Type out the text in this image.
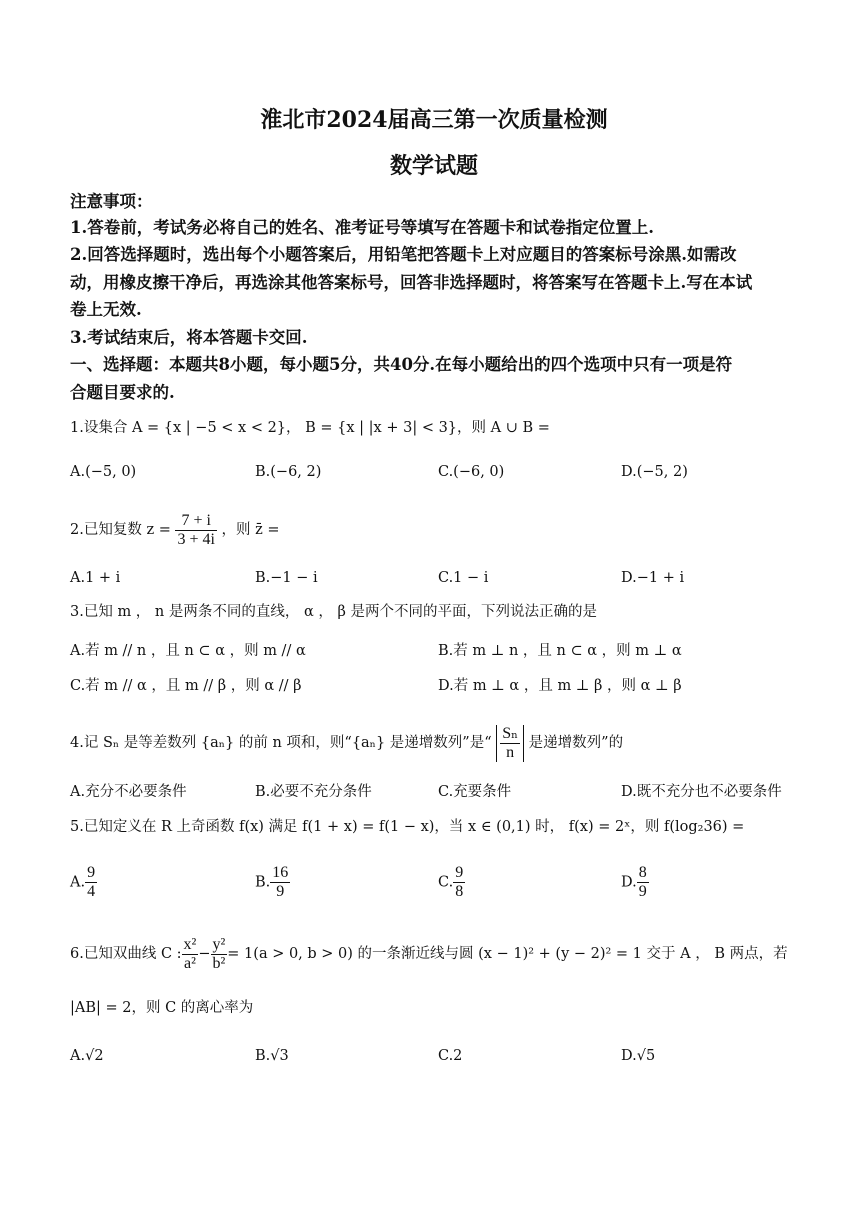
淮北市2024届高三第一次质量检测
数学试题
注意事项：
1.答卷前，考试务必将自己的姓名、准考证号等填写在答题卡和试卷指定位置上.
2.回答选择题时，选出每个小题答案后，用铅笔把答题卡上对应题目的答案标号涂黑.如需改
动，用橡皮擦干净后，再选涂其他答案标号，回答非选择题时，将答案写在答题卡上.写在本试
卷上无效.
3.考试结束后，将本答题卡交回.
一、选择题：本题共8小题，每小题5分，共40分.在每小题给出的四个选项中只有一项是符
合题目要求的.
1.设集合 A = {x | −5 < x < 2}， B = {x | |x + 3| < 3}，则 A ∪ B =
A.(−5, 0)	B.(−6, 2)	C.(−6, 0)	D.(−5, 2)
2.已知复数 $z = \frac{7 + i}{3 + 4i}$ ，则 z̄ =
A.1 + i	B.−1 − i	C.1 − i	D.−1 + i
3.已知 m ， n 是两条不同的直线， α ， β 是两个不同的平面，下列说法正确的是
A.若 m // n ，且 n ⊂ α ，则 m // α	B.若 m ⊥ n ，且 n ⊂ α ，则 m ⊥ α
C.若 m // α ，且 m // β ，则 α // β	D.若 m ⊥ α ，且 m ⊥ β ，则 α ⊥ β
4.记 Sₙ 是等差数列 {aₙ} 的前 n 项和，则“{aₙ} 是递增数列”是“ $\frac{\text{Sₙ}}{n}$ 是递增数列”的
A.充分不必要条件	B.必要不充分条件	C.充要条件	D.既不充分也不必要条件
5.已知定义在 R 上奇函数 f(x) 满足 f(1 + x) = f(1 − x)，当 x ∈ (0,1) 时， f(x) = 2ˣ，则 f(log₂36) =
A. $\frac{9}{4}$	B. $\frac{16}{9}$	C. $\frac{9}{8}$	D. $\frac{8}{9}$
6.已知双曲线 C : $\frac{\text{x²}}{\text{a²}} - \frac{\text{y²}}{\text{b²}} = 1(a > 0$, b > 0) 的一条渐近线与圆 (x − 1)² + (y − 2)² = 1 交于 A ， B 两点，若
|AB| = 2，则 C 的离心率为
A.√2	B.√3	C.2	D.√5
